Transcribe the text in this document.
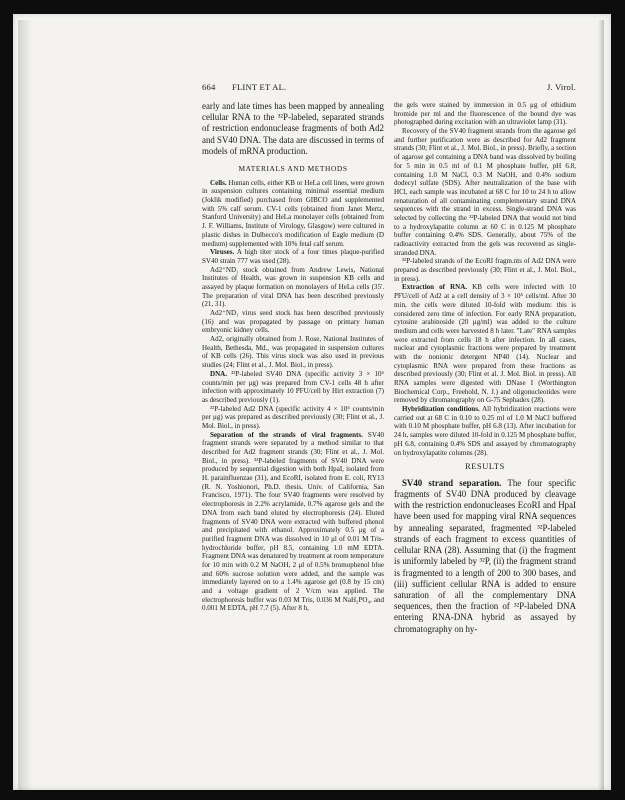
664 FLINT ET AL.	J. Virol.

early and late times has been mapped by annealing cellular RNA to the ³²P-labeled, separated strands of restriction endonuclease fragments of both Ad2 and SV40 DNA. The data are discussed in terms of models of mRNA production.

MATERIALS AND METHODS

Cells. Human cells, either KB or HeLa cell lines, were grown in suspension cultures containing minimal essential medium (Joklik modified) purchased from GIBCO and supplemented with 5% calf serum. CV-1 cells (obtained from Janet Mertz, Stanford University) and HeLa monolayer cells (obtained from J. F. Williams, Institute of Virology, Glasgow) were cultured in plastic dishes in Dulbecco's modification of Eagle medium (D medium) supplemented with 10% fetal calf serum.

Viruses. A high titer stock of a four times plaque-purified SV40 strain 777 was used (28).

Ad2⁺ND₁ stock obtained from Andrew Lewis, National Institutes of Health, was grown in suspension KB cells and assayed by plaque formation on monolayers of HeLa cells (35'. The preparation of viral DNA has been described previously (21, 31).

Ad2⁺ND₁ virus seed stock has been described previously (16) and was propagated by passage on primary human embryonic kidney cells.

Ad2, originally obtained from J. Rose, National Institutes of Health, Bethesda, Md., was propagated in suspension cultures of KB cells (26). This virus stock was also used in previous studies (24; Flint et al., J. Mol. Biol., in press).

DNA. ³²P-labeled SV40 DNA (specific activity 3 × 10⁶ counts/min per μg) was prepared from CV-1 cells 48 h after infection with approximately 10 PFU/cell by Hirt extraction (7) as described previously (1).

³²P-labeled Ad2 DNA (specific activity 4 × 10⁶ counts/min per μg) was prepared as described previously (30; Flint et al., J. Mol. Biol., in press).

Separation of the strands of viral fragments. SV40 fragment strands were separated by a method similar to that described for Ad2 fragment strands (30; Flint et al., J. Mol. Biol., in press). ³²P-labeled fragments of SV40 DNA were produced by sequential digestion with both HpaI, isolated from H. parainfluenzae (31), and EcoRI, isolated from E. coli, RY13 (R. N. Yoshionori, Ph.D. thesis, Univ. of California, San Francisco, 1971). The four SV40 fragments were resolved by electrophoresis in 2.2% acrylamide, 0.7% agarose gels and the DNA from each band eluted by electrophoresis (24). Eluted fragments of SV40 DNA were extracted with buffered phenol and precipitated with ethanol. Approximately 0.5 μg of a purified fragment DNA was dissolved in 10 μl of 0.01 M Tris-hydrochloride buffer, pH 8.5, containing 1.0 mM EDTA. Fragment DNA was denatured by treatment at room temperature for 10 min with 0.2 M NaOH, 2 μl of 0.5% bromophenol blue and 60% sucrose solution were added, and the sample was immediately layered on to a 1.4% agarose gel (0.8 by 15 cm) and a voltage gradient of 2 V/cm was applied. The electrophoresis buffer was 0.03 M Tris, 0.036 M NaH₂PO₄, and 0.001 M EDTA, pH 7.7 (5). After 8 h,

the gels were stained by immersion in 0.5 μg of ethidium bromide per ml and the fluorescence of the bound dye was photographed during excitation with an ultraviolet lamp (31).

Recovery of the SV40 fragment strands from the agarose gel and further purification were as described for Ad2 fragment strands (30; Flint et al., J. Mol. Biol., in press). Briefly, a section of agarose gel containing a DNA band was dissolved by boiling for 5 min in 0.5 ml of 0.1 M phosphate buffer, pH 6.8, containing 1.0 M NaCl, 0.3 M NaOH, and 0.4% sodium dodecyl sulfate (SDS). After neutralization of the base with HCl, each sample was incubated at 68 C for 10 to 24 h to allow renaturation of all contaminating complementary strand DNA sequences with the strand in excess. Single-strand DNA was selected by collecting the ³²P-labeled DNA that would not bind to a hydroxylapatite column at 60 C in 0.125 M phosphate buffer containing 0.4% SDS. Generally, about 75% of the radioactivity extracted from the gels was recovered as single-stranded DNA.

³²P-labeled strands of the EcoRI fragm.nts of Ad2 DNA were prepared as described previously (30; Flint et al., J. Mol. Biol., in press).

Extraction of RNA. KB cells were infected with 10 PFU/cell of Ad2 at a cell density of 3 × 10⁵ cells/ml. After 30 min, the cells were diluted 10-fold with medium: this is considered zero time of infection. For early RNA preparation, cytosine arabinoside (20 μg/ml) was added to the culture medium and cells were harvested 8 h later. "Late" RNA samples were extracted from cells 18 h after infection. In all cases, nuclear and cytoplasmic fractions were prepared by treatment with the nonionic detergent NP40 (14). Nuclear and cytoplasmic RNA were prepared from these fractions as described previously (30; Flint et al. J. Mol. Biol. in press). All RNA samples were digested with DNase I (Worthington Biochemical Corp., Freehold, N. J.) and oligonucleotides were removed by chromatography on G-75 Sephadex (28).

Hybridization conditions. All hybridization reactions were carried out at 68 C in 0.10 to 0.25 ml of 1.0 M NaCl buffered with 0.10 M phosphate buffer, pH 6.8 (13). After incubation for 24 h, samples were diluted 10-fold in 0.125 M phosphate buffer, pH 6.8, containing 0.4% SDS and assayed by chromatography on hydroxylapatite columns (28).

RESULTS

SV40 strand separation. The four specific fragments of SV40 DNA produced by cleavage with the restriction endonucleases EcoRI and HpaI have been used for mapping viral RNA sequences by annealing separated, fragmented ³²P-labeled strands of each fragment to excess quantities of cellular RNA (28). Assuming that (i) the fragment is uniformly labeled by ³²P, (ii) the fragment strand is fragmented to a length of 200 to 300 bases, and (iii) sufficient cellular RNA is added to ensure saturation of all the complementary DNA sequences, then the fraction of ³²P-labeled DNA entering RNA-DNA hybrid as assayed by chromatography on hy-
